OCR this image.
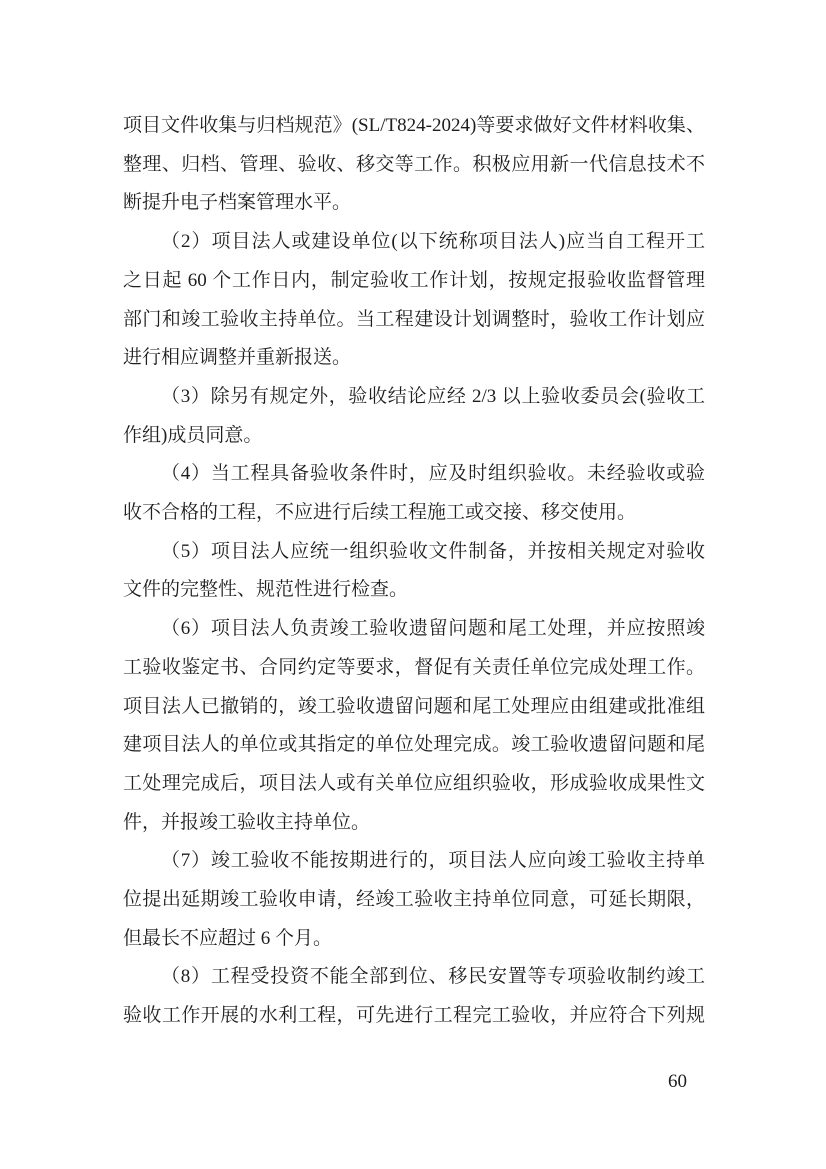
项目文件收集与归档规范》(SL/T824-2024)等要求做好文件材料收集、
整理、归档、管理、验收、移交等工作。积极应用新一代信息技术不
断提升电子档案管理水平。
（2）项目法人或建设单位(以下统称项目法人)应当自工程开工
之日起 60 个工作日内，制定验收工作计划，按规定报验收监督管理
部门和竣工验收主持单位。当工程建设计划调整时，验收工作计划应
进行相应调整并重新报送。
（3）除另有规定外，验收结论应经 2/3 以上验收委员会(验收工
作组)成员同意。
（4）当工程具备验收条件时，应及时组织验收。未经验收或验
收不合格的工程，不应进行后续工程施工或交接、移交使用。
（5）项目法人应统一组织验收文件制备，并按相关规定对验收
文件的完整性、规范性进行检查。
（6）项目法人负责竣工验收遗留问题和尾工处理，并应按照竣
工验收鉴定书、合同约定等要求，督促有关责任单位完成处理工作。
项目法人已撤销的，竣工验收遗留问题和尾工处理应由组建或批准组
建项目法人的单位或其指定的单位处理完成。竣工验收遗留问题和尾
工处理完成后，项目法人或有关单位应组织验收，形成验收成果性文
件，并报竣工验收主持单位。
（7）竣工验收不能按期进行的，项目法人应向竣工验收主持单
位提出延期竣工验收申请，经竣工验收主持单位同意，可延长期限，
但最长不应超过 6 个月。
（8）工程受投资不能全部到位、移民安置等专项验收制约竣工
验收工作开展的水利工程，可先进行工程完工验收，并应符合下列规
60
